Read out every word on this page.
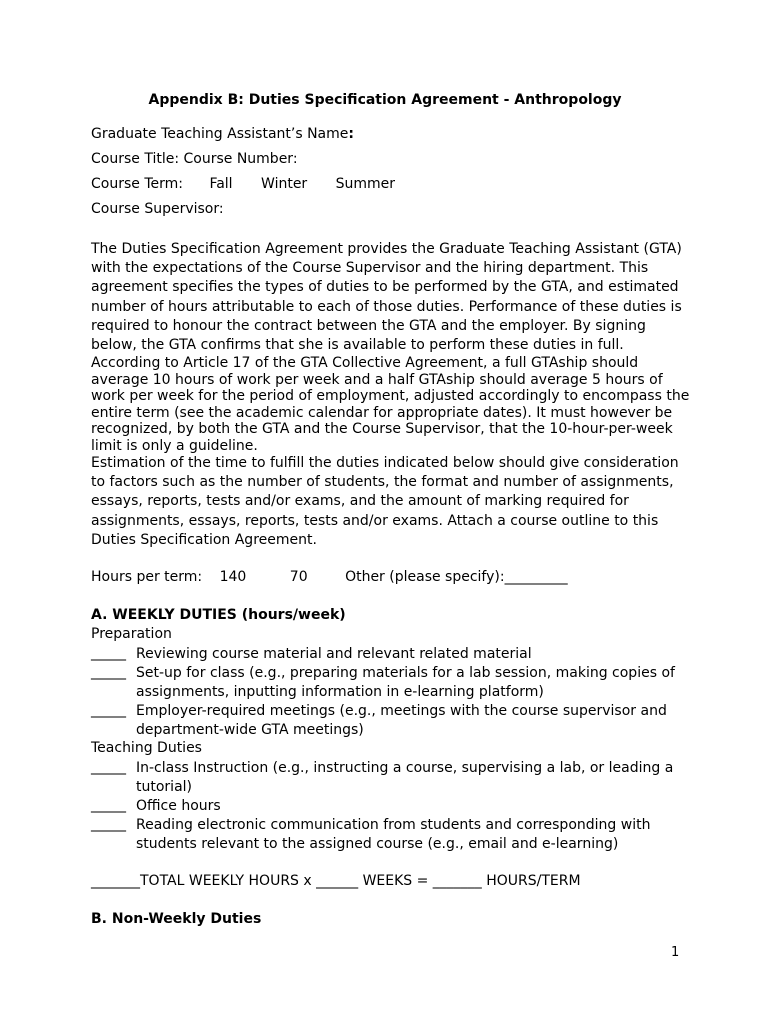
Appendix B: Duties Specification Agreement - Anthropology
Graduate Teaching Assistant’s Name:
Course Title: Course Number:
Course Term: Fall Winter Summer
Course Supervisor:
The Duties Specification Agreement provides the Graduate Teaching Assistant (GTA) with the expectations of the Course Supervisor and the hiring department. This agreement specifies the types of duties to be performed by the GTA, and estimated number of hours attributable to each of those duties. Performance of these duties is required to honour the contract between the GTA and the employer. By signing below, the GTA confirms that she is available to perform these duties in full.
According to Article 17 of the GTA Collective Agreement, a full GTAship should average 10 hours of work per week and a half GTAship should average 5 hours of work per week for the period of employment, adjusted accordingly to encompass the entire term (see the academic calendar for appropriate dates). It must however be recognized, by both the GTA and the Course Supervisor, that the 10-hour-per-week limit is only a guideline.
Estimation of the time to fulfill the duties indicated below should give consideration to factors such as the number of students, the format and number of assignments, essays, reports, tests and/or exams, and the amount of marking required for assignments, essays, reports, tests and/or exams. Attach a course outline to this Duties Specification Agreement.
Hours per term: 140	70	Other (please specify):_________
A. WEEKLY DUTIES (hours/week)
Preparation
_____ Reviewing course material and relevant related material
_____ Set-up for class (e.g., preparing materials for a lab session, making copies of assignments, inputting information in e-learning platform)
_____ Employer-required meetings (e.g., meetings with the course supervisor and department-wide GTA meetings)
Teaching Duties
_____ In-class Instruction (e.g., instructing a course, supervising a lab, or leading a tutorial)
_____ Office hours
_____ Reading electronic communication from students and corresponding with students relevant to the assigned course (e.g., email and e-learning)
_______TOTAL WEEKLY HOURS x ______ WEEKS = _______ HOURS/TERM
B. Non-Weekly Duties
1
